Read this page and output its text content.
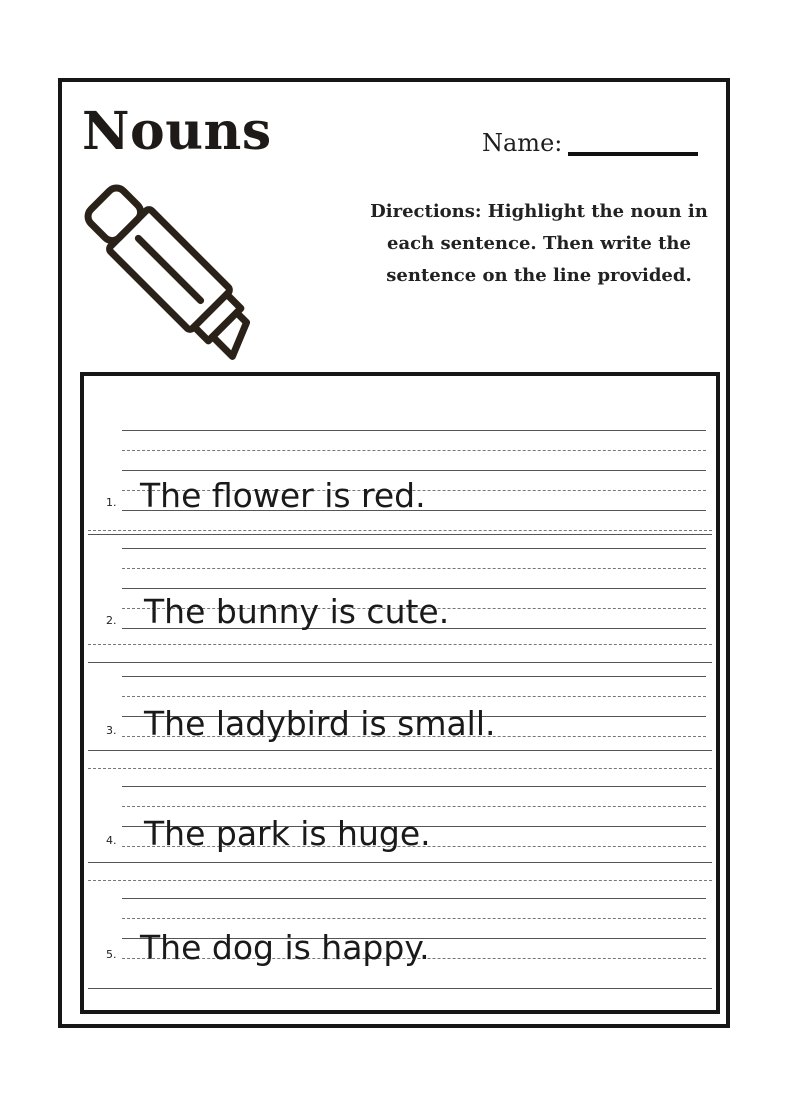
Nouns	Name:
Directions: Highlight the noun in each sentence. Then write the sentence on the line provided.
1. The flower is red.
2. The bunny is cute.
3. The ladybird is small.
4. The park is huge.
5. The dog is happy.
